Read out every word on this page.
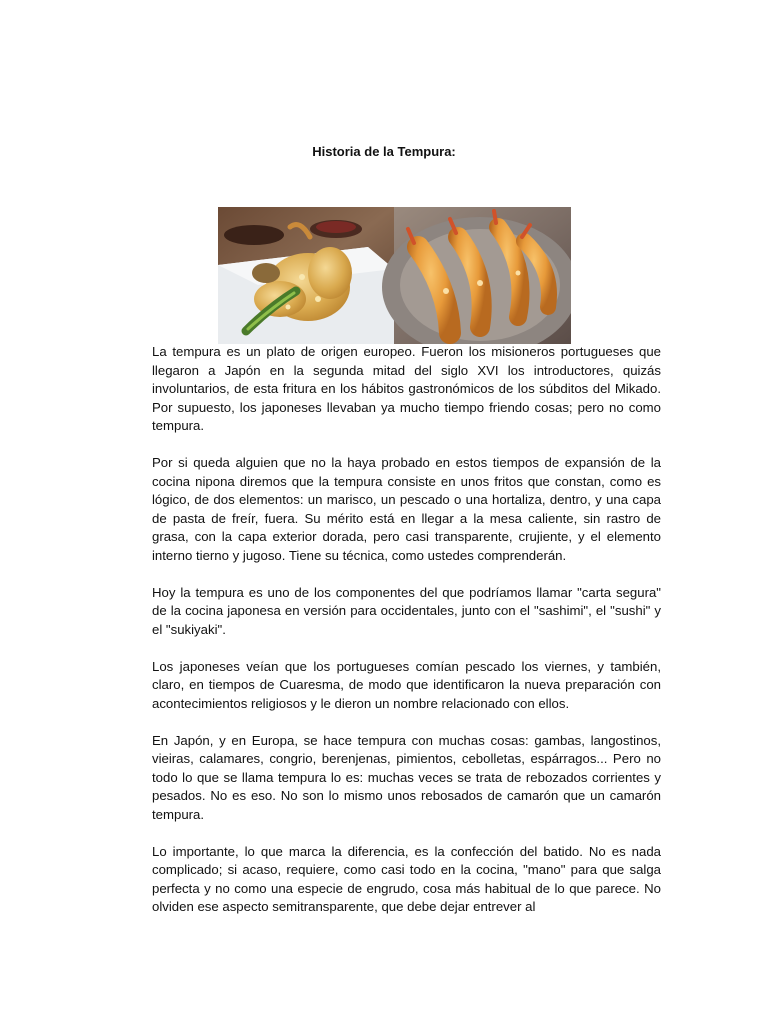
Historia de la Tempura:

La tempura es un plato de origen europeo. Fueron los misioneros portugueses que llegaron a Japón en la segunda mitad del siglo XVI los introductores, quizás involuntarios, de esta fritura en los hábitos gastronómicos de los súbditos del Mikado. Por supuesto, los japoneses llevaban ya mucho tiempo friendo cosas; pero no como tempura.

Por si queda alguien que no la haya probado en estos tiempos de expansión de la cocina nipona diremos que la tempura consiste en unos fritos que constan, como es lógico, de dos elementos: un marisco, un pescado o una hortaliza, dentro, y una capa de pasta de freír, fuera. Su mérito está en llegar a la mesa caliente, sin rastro de grasa, con la capa exterior dorada, pero casi transparente, crujiente, y el elemento interno tierno y jugoso. Tiene su técnica, como ustedes comprenderán.

Hoy la tempura es uno de los componentes del que podríamos llamar "carta segura" de la cocina japonesa en versión para occidentales, junto con el "sashimi", el "sushi" y el "sukiyaki".

Los japoneses veían que los portugueses comían pescado los viernes, y también, claro, en tiempos de Cuaresma, de modo que identificaron la nueva preparación con acontecimientos religiosos y le dieron un nombre relacionado con ellos.

En Japón, y en Europa, se hace tempura con muchas cosas: gambas, langostinos, vieiras, calamares, congrio, berenjenas, pimientos, cebolletas, espárragos... Pero no todo lo que se llama tempura lo es: muchas veces se trata de rebozados corrientes y pesados. No es eso. No son lo mismo unos rebosados de camarón que un camarón tempura.

Lo importante, lo que marca la diferencia, es la confección del batido. No es nada complicado; si acaso, requiere, como casi todo en la cocina, "mano" para que salga perfecta y no como una especie de engrudo, cosa más habitual de lo que parece. No olviden ese aspecto semitransparente, que debe dejar entrever al
